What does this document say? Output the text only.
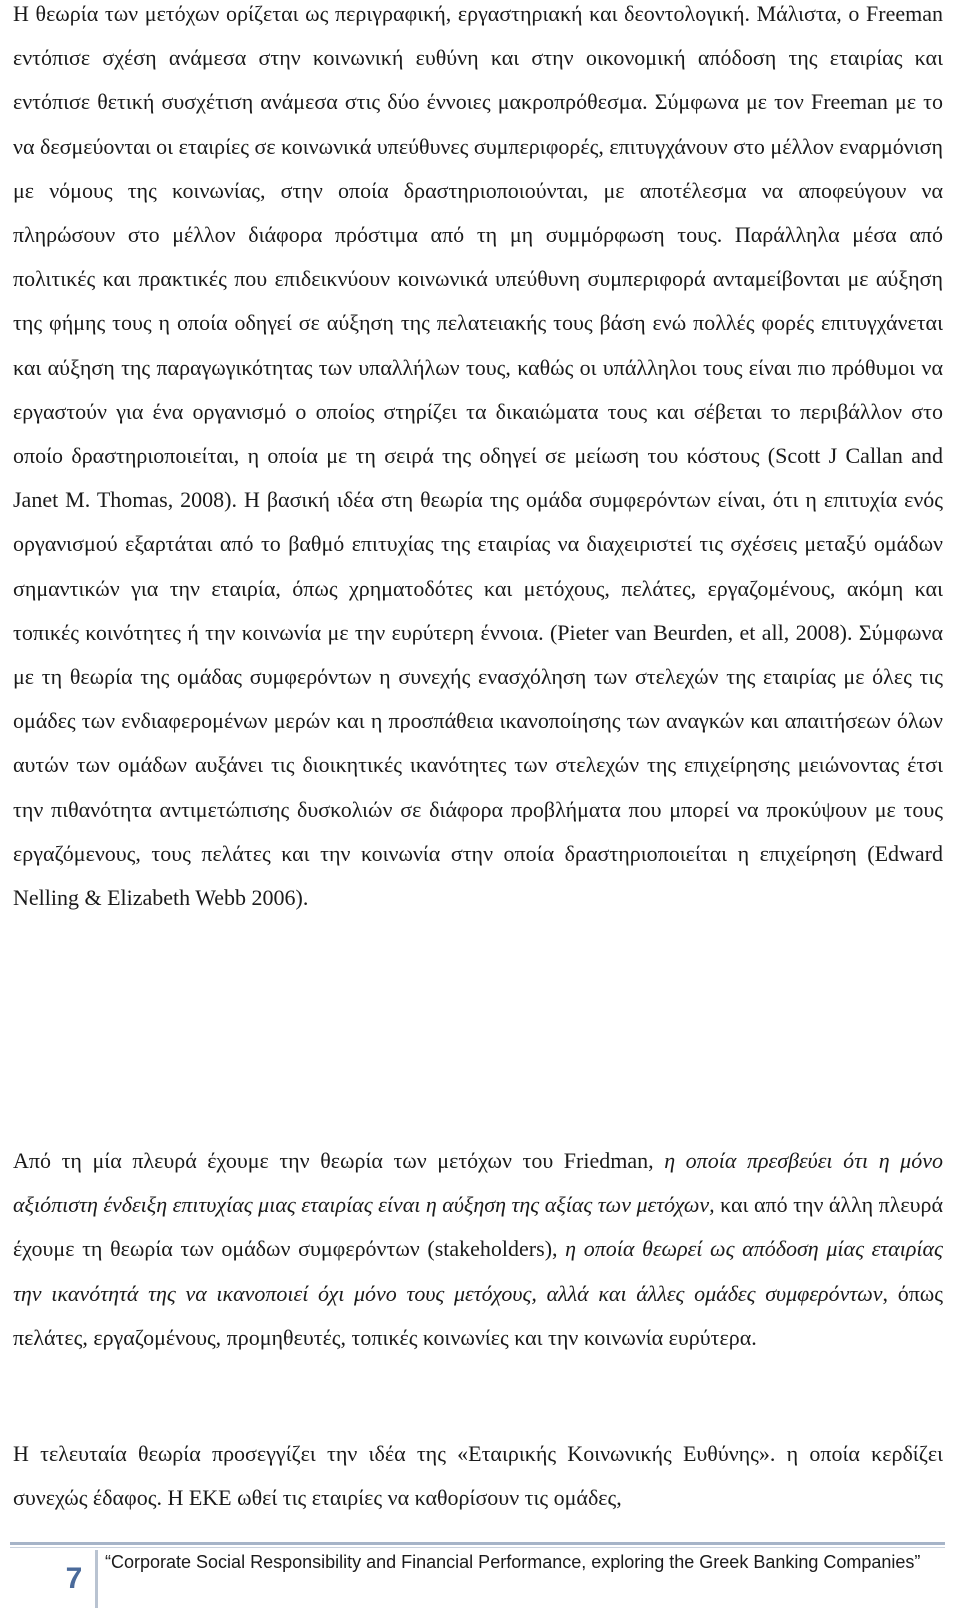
Η θεωρία των μετόχων ορίζεται ως περιγραφική, εργαστηριακή και δεοντολογική. Μάλιστα, ο Freeman εντόπισε σχέση ανάμεσα στην κοινωνική ευθύνη και στην οικονομική απόδοση της εταιρίας και εντόπισε θετική συσχέτιση ανάμεσα στις δύο έννοιες μακροπρόθεσμα. Σύμφωνα με τον Freeman με το να δεσμεύονται οι εταιρίες σε κοινωνικά υπεύθυνες συμπεριφορές, επιτυγχάνουν στο μέλλον εναρμόνιση με νόμους της κοινωνίας, στην οποία δραστηριοποιούνται, με αποτέλεσμα να αποφεύγουν να πληρώσουν στο μέλλον διάφορα πρόστιμα από τη μη συμμόρφωση τους. Παράλληλα μέσα από πολιτικές και πρακτικές που επιδεικνύουν κοινωνικά υπεύθυνη συμπεριφορά ανταμείβονται με αύξηση της φήμης τους η οποία οδηγεί σε αύξηση της πελατειακής τους βάση ενώ πολλές φορές επιτυγχάνεται και αύξηση της παραγωγικότητας των υπαλλήλων τους, καθώς οι υπάλληλοι τους είναι πιο πρόθυμοι να εργαστούν για ένα οργανισμό ο οποίος στηρίζει τα δικαιώματα τους και σέβεται το περιβάλλον στο οποίο δραστηριοποιείται, η οποία με τη σειρά της οδηγεί σε μείωση του κόστους (Scott J Callan and Janet M. Thomas, 2008). Η βασική ιδέα στη θεωρία της ομάδα συμφερόντων είναι, ότι η επιτυχία ενός οργανισμού εξαρτάται από το βαθμό επιτυχίας της εταιρίας να διαχειριστεί τις σχέσεις μεταξύ ομάδων σημαντικών για την εταιρία, όπως χρηματοδότες και μετόχους, πελάτες, εργαζομένους, ακόμη και τοπικές κοινότητες ή την κοινωνία με την ευρύτερη έννοια. (Pieter van Beurden, et all, 2008). Σύμφωνα με τη θεωρία της ομάδας συμφερόντων η συνεχής ενασχόληση των στελεχών της εταιρίας με όλες τις ομάδες των ενδιαφερομένων μερών και η προσπάθεια ικανοποίησης των αναγκών και απαιτήσεων όλων αυτών των ομάδων αυξάνει τις διοικητικές ικανότητες των στελεχών της επιχείρησης μειώνοντας έτσι την πιθανότητα αντιμετώπισης δυσκολιών σε διάφορα προβλήματα που μπορεί να προκύψουν με τους εργαζόμενους, τους πελάτες και την κοινωνία στην οποία δραστηριοποιείται η επιχείρηση (Edward Nelling & Elizabeth Webb 2006).

Από τη μία πλευρά έχουμε την θεωρία των μετόχων του Friedman, η οποία πρεσβεύει ότι η μόνο αξιόπιστη ένδειξη επιτυχίας μιας εταιρίας είναι η αύξηση της αξίας των μετόχων, και από την άλλη πλευρά έχουμε τη θεωρία των ομάδων συμφερόντων (stakeholders), η οποία θεωρεί ως απόδοση μίας εταιρίας την ικανότητά της να ικανοποιεί όχι μόνο τους μετόχους, αλλά και άλλες ομάδες συμφερόντων, όπως πελάτες, εργαζομένους, προμηθευτές, τοπικές κοινωνίες και την κοινωνία ευρύτερα.

Η τελευταία θεωρία προσεγγίζει την ιδέα της «Εταιρικής Κοινωνικής Ευθύνης». η οποία κερδίζει συνεχώς έδαφος. Η ΕΚΕ ωθεί τις εταιρίες να καθορίσουν τις ομάδες,

7	“Corporate Social Responsibility and Financial Performance, exploring the Greek Banking Companies”
